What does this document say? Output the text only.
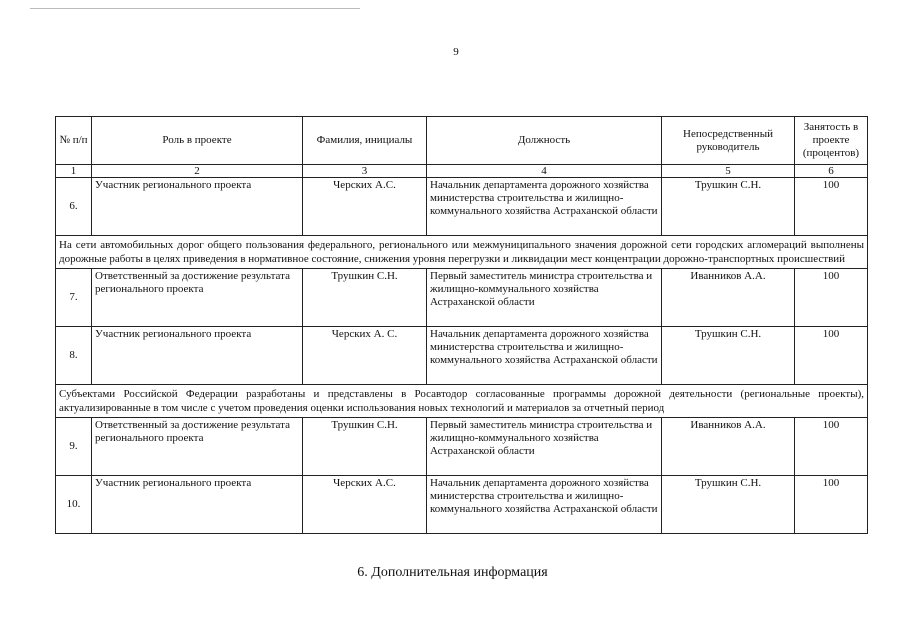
9
№ п/п	Роль в проекте	Фамилия, инициалы	Должность	Непосредственный руководитель	Занятость в проекте (процентов)
1	2	3	4	5	6
6.	Участник регионального проекта	Черских А.С.	Начальник департамента дорожного хозяйства министерства строительства и жилищно-коммунального хозяйства Астраханской области	Трушкин С.Н.	100
На сети автомобильных дорог общего пользования федерального, регионального или межмуниципального значения дорожной сети городских агломераций выполнены дорожные работы в целях приведения в нормативное состояние, снижения уровня перегрузки и ликвидации мест концентрации дорожно-транспортных происшествий					
7.	Ответственный за достижение результата регионального проекта	Трушкин С.Н.	Первый заместитель министра строительства и жилищно-коммунального хозяйства Астраханской области	Иванников А.А.	100
8.	Участник регионального проекта	Черских А. С.	Начальник департамента дорожного хозяйства министерства строительства и жилищно-коммунального хозяйства Астраханской области	Трушкин С.Н.	100
Субъектами Российской Федерации разработаны и представлены в Росавтодор согласованные программы дорожной деятельности (региональные проекты), актуализированные в том числе с учетом проведения оценки использования новых технологий и материалов за отчетный период					
9.	Ответственный за достижение результата регионального проекта	Трушкин С.Н.	Первый заместитель министра строительства и жилищно-коммунального хозяйства Астраханской области	Иванников А.А.	100
10.	Участник регионального проекта	Черских А.С.	Начальник департамента дорожного хозяйства министерства строительства и жилищно-коммунального хозяйства Астраханской области	Трушкин С.Н.	100
6. Дополнительная информация
